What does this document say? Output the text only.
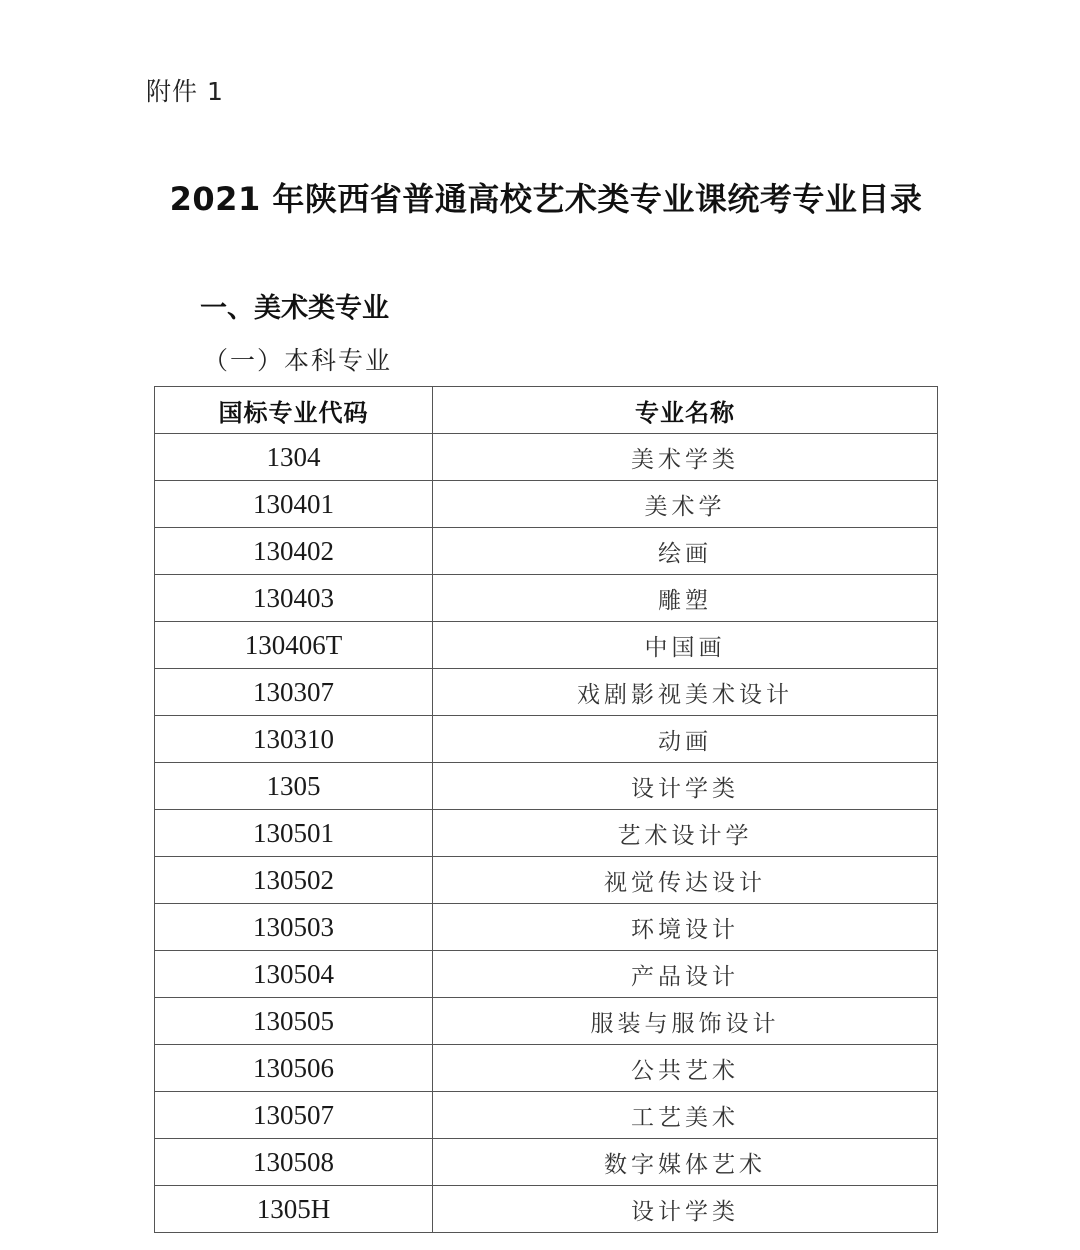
附件 1
2021 年陕西省普通高校艺术类专业课统考专业目录
一、美术类专业
（一）本科专业
国标专业代码	专业名称
1304	美术学类
130401	美术学
130402	绘画
130403	雕塑
130406T	中国画
130307	戏剧影视美术设计
130310	动画
1305	设计学类
130501	艺术设计学
130502	视觉传达设计
130503	环境设计
130504	产品设计
130505	服装与服饰设计
130506	公共艺术
130507	工艺美术
130508	数字媒体艺术
1305H	设计学类
